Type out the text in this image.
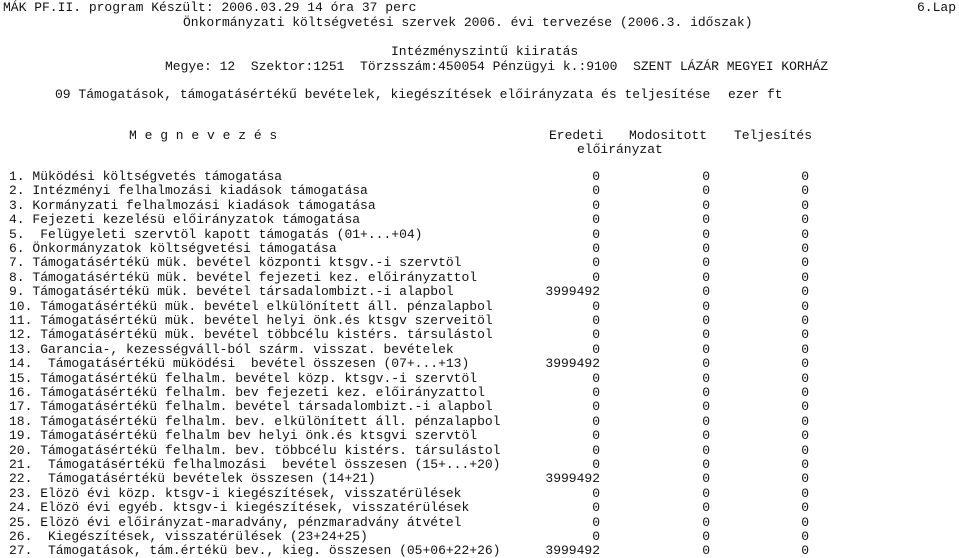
MÁK PF.II. program Készült: 2006.03.29 14 óra 37 perc	6.Lap
Önkormányzati költségvetési szervek 2006. évi tervezése (2006.3. időszak)
Intézményszintű kiiratás
Megye: 12  Szektor:1251  Törzsszám:450054 Pénzügyi k.:9100  SZENT LÁZÁR MEGYEI KORHÁZ
09 Támogatások, támogatásértékű bevételek, kiegészítések előirányzata és teljesítése ezer ft
M e g n e v e z é s	Eredeti
előirányzat
Modositott Teljesítés
1. Müködési költségvetés támogatása	0	0	0
2. Intézményi felhalmozási kiadások támogatása	0	0	0
3. Kormányzati felhalmozási kiadások támogatása	0	0	0
4. Fejezeti kezelésü előirányzatok támogatása	0	0	0
5.  Felügyeleti szervtöl kapott támogatás (01+...+04)	0	0	0
6. Önkormányzatok költségvetési támogatása	0	0	0
7. Támogatásértékü mük. bevétel központi ktsgv.-i szervtöl	0	0	0
8. Támogatásértékü mük. bevétel fejezeti kez. előirányzattol	0	0	0
9. Támogatásértékü mük. bevétel társadalombizt.-i alapbol	3999492	0	0
10. Támogatásértékü mük. bevétel elkülönített áll. pénzalapbol	0	0	0
11. Támogatásértékü mük. bevétel helyi önk.és ktsgv szerveitöl	0	0	0
12. Támogatásértékü mük. bevétel többcélu kistérs. társulástol	0	0	0
13. Garancia-, kezességváll-ból szárm. visszat. bevételek	0	0	0
14.  Támogatásértékü müködési  bevétel összesen (07+...+13)	3999492	0	0
15. Támogatásértékü felhalm. bevétel közp. ktsgv.-i szervtöl	0	0	0
16. Támogatásértékü felhalm. bev fejezeti kez. előirányzattol	0	0	0
17. Támogatásértékü felhalm. bevétel társadalombizt.-i alapbol	0	0	0
18. Támogatásértékü felhalm. bev. elkülönített áll. pénzalapbol	0	0	0
19. Támogatásértékü felhalm bev helyi önk.és ktsgvi szervtöl	0	0	0
20. Támogatásértékü felhalm. bev. többcélu kistérs. társulástol	0	0	0
21.  Támogatásértékü felhalmozási  bevétel összesen (15+...+20)	0	0	0
22.  Támogatásértékü bevételek összesen (14+21)	3999492	0	0
23. Elözö évi közp. ktsgv-i kiegészítések, visszatérülések	0	0	0
24. Elözö évi egyéb. ktsgv-i kiegészítések, visszatérülések	0	0	0
25. Elözö évi előirányzat-maradvány, pénzmaradvány átvétel	0	0	0
26.  Kiegészítések, visszatérülések (23+24+25)	0	0	0
27.  Támogatások, tám.értékü bev., kieg. összesen (05+06+22+26)	3999492	0	0
